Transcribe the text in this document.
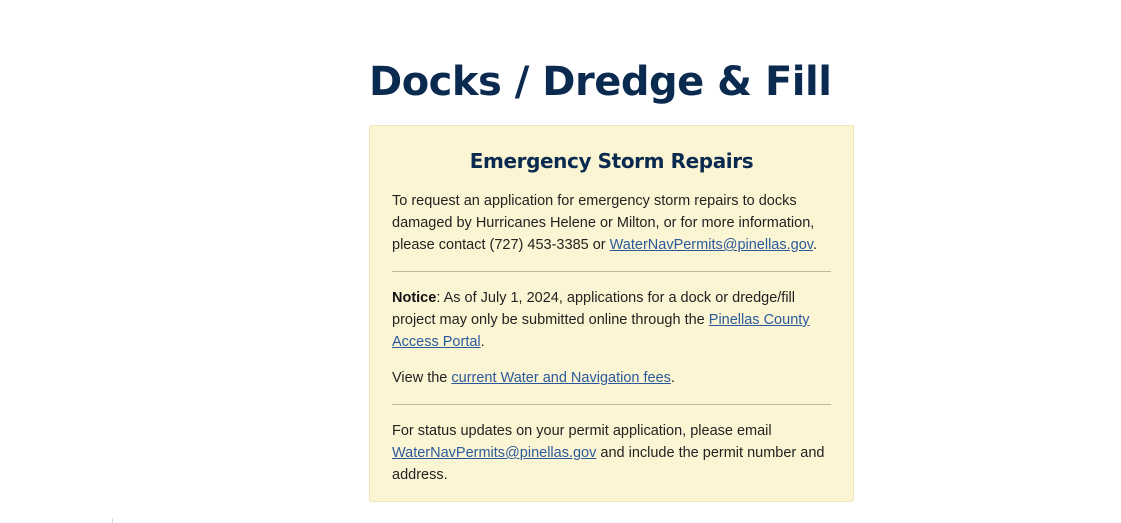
Docks / Dredge & Fill
Emergency Storm Repairs

To request an application for emergency storm repairs to docks damaged by Hurricanes Helene or Milton, or for more information, please contact (727) 453-3385 or WaterNavPermits@pinellas.gov.

Notice: As of July 1, 2024, applications for a dock or dredge/fill project may only be submitted online through the Pinellas County Access Portal.

View the current Water and Navigation fees.

For status updates on your permit application, please email WaterNavPermits@pinellas.gov and include the permit number and address.
